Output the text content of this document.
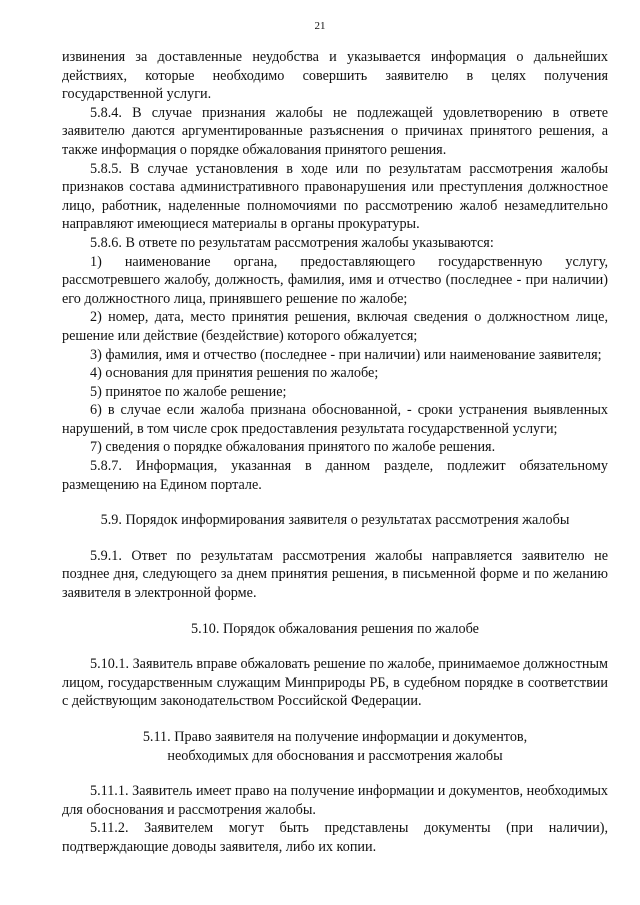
21

извинения за доставленные неудобства и указывается информация о дальнейших действиях, которые необходимо совершить заявителю в целях получения государственной услуги.

5.8.4. В случае признания жалобы не подлежащей удовлетворению в ответе заявителю даются аргументированные разъяснения о причинах принятого решения, а также информация о порядке обжалования принятого решения.

5.8.5. В случае установления в ходе или по результатам рассмотрения жалобы признаков состава административного правонарушения или преступления должностное лицо, работник, наделенные полномочиями по рассмотрению жалоб незамедлительно направляют имеющиеся материалы в органы прокуратуры.

5.8.6. В ответе по результатам рассмотрения жалобы указываются:

1) наименование органа, предоставляющего государственную услугу, рассмотревшего жалобу, должность, фамилия, имя и отчество (последнее - при наличии) его должностного лица, принявшего решение по жалобе;

2) номер, дата, место принятия решения, включая сведения о должностном лице, решение или действие (бездействие) которого обжалуется;

3) фамилия, имя и отчество (последнее - при наличии) или наименование заявителя;

4) основания для принятия решения по жалобе;

5) принятое по жалобе решение;

6) в случае если жалоба признана обоснованной, - сроки устранения выявленных нарушений, в том числе срок предоставления результата государственной услуги;

7) сведения о порядке обжалования принятого по жалобе решения.

5.8.7. Информация, указанная в данном разделе, подлежит обязательному размещению на Едином портале.

5.9. Порядок информирования заявителя о результатах рассмотрения жалобы

5.9.1. Ответ по результатам рассмотрения жалобы направляется заявителю не позднее дня, следующего за днем принятия решения, в письменной форме и по желанию заявителя в электронной форме.

5.10. Порядок обжалования решения по жалобе

5.10.1. Заявитель вправе обжаловать решение по жалобе, принимаемое должностным лицом, государственным служащим Минприроды РБ, в судебном порядке в соответствии с действующим законодательством Российской Федерации.

5.11. Право заявителя на получение информации и документов,
необходимых для обоснования и рассмотрения жалобы

5.11.1. Заявитель имеет право на получение информации и документов, необходимых для обоснования и рассмотрения жалобы.

5.11.2. Заявителем могут быть представлены документы (при наличии), подтверждающие доводы заявителя, либо их копии.
